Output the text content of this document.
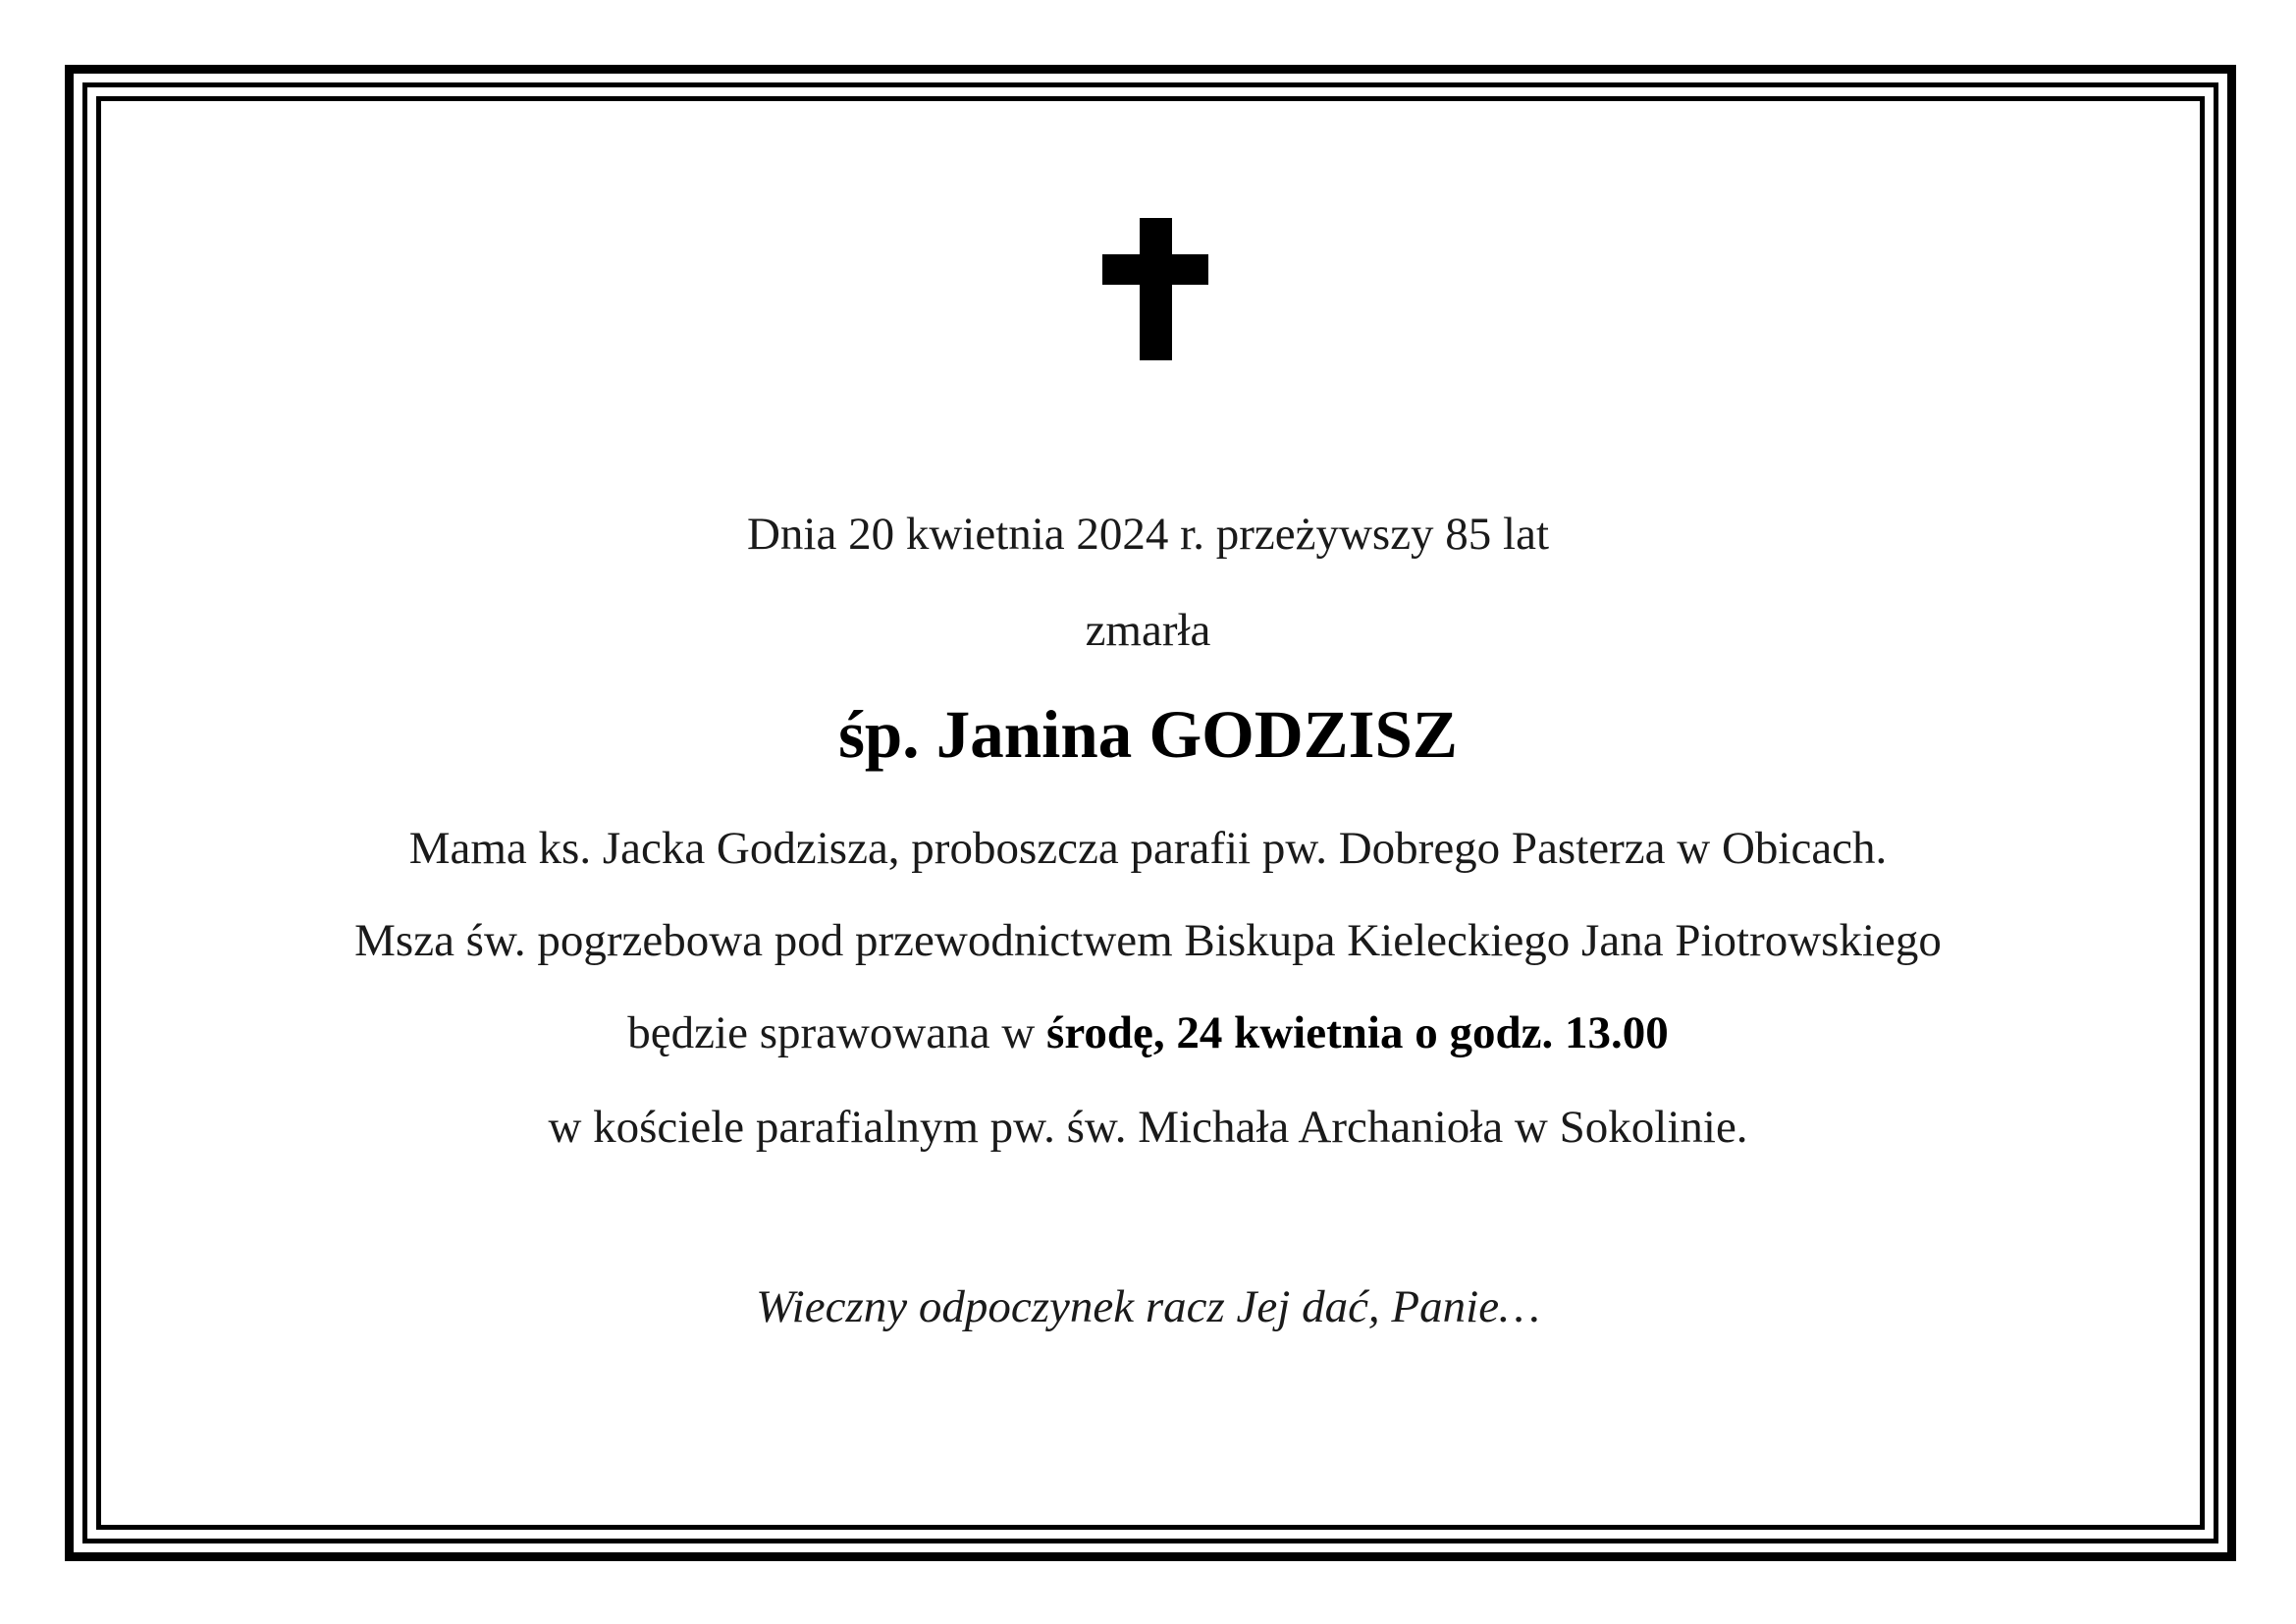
Dnia 20 kwietnia 2024 r. przeżywszy 85 lat
zmarła
śp. Janina GODZISZ
Mama ks. Jacka Godzisza, proboszcza parafii pw. Dobrego Pasterza w Obicach.
Msza św. pogrzebowa pod przewodnictwem Biskupa Kieleckiego Jana Piotrowskiego
będzie sprawowana w środę, 24 kwietnia o godz. 13.00
w kościele parafialnym pw. św. Michała Archanioła w Sokolinie.
Wieczny odpoczynek racz Jej dać, Panie…
